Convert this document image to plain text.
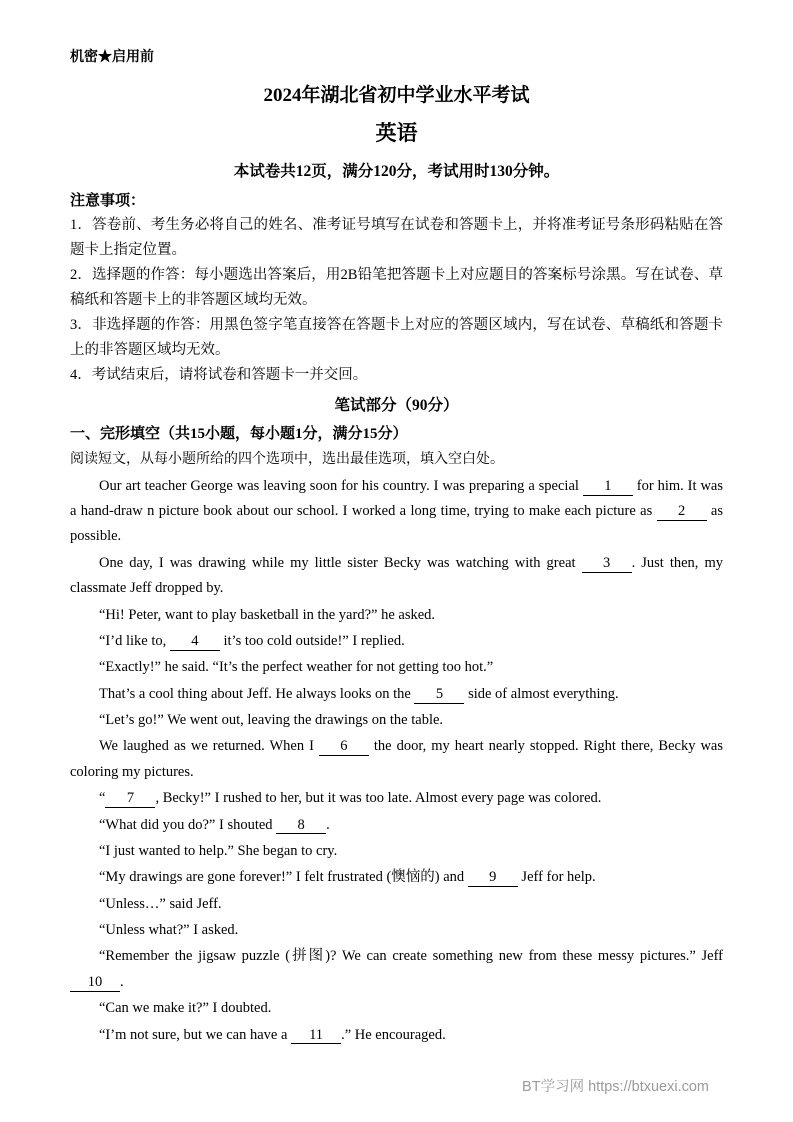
机密★启用前
2024年湖北省初中学业水平考试
英语
本试卷共12页，满分120分，考试用时130分钟。
注意事项：

1．答卷前、考生务必将自己的姓名、准考证号填写在试卷和答题卡上，并将准考证号条形码粘贴在答题卡上指定位置。

2．选择题的作答：每小题选出答案后，用2B铅笔把答题卡上对应题目的答案标号涂黑。写在试卷、草稿纸和答题卡上的非答题区域均无效。

3．非选择题的作答：用黑色签字笔直接答在答题卡上对应的答题区域内，写在试卷、草稿纸和答题卡上的非答题区域均无效。

4．考试结束后，请将试卷和答题卡一并交回。

笔试部分（90分）
一、完形填空（共15小题，每小题1分，满分15分）

阅读短文，从每小题所给的四个选项中，选出最佳选项，填入空白处。

Our art teacher George was leaving soon for his country. I was preparing a special 1 for him. It was a hand-draw n picture book about our school. I worked a long time, trying to make each picture as 2 as possible.

One day, I was drawing while my little sister Becky was watching with great 3 . Just then, my classmate Jeff dropped by.

“Hi! Peter, want to play basketball in the yard?” he asked.

“I’d like to, 4 it’s too cold outside!” I replied.

“Exactly!” he said. “It’s the perfect weather for not getting too hot.”

That’s a cool thing about Jeff. He always looks on the 5 side of almost everything.

“Let’s go!” We went out, leaving the drawings on the table.

We laughed as we returned. When I 6 the door, my heart nearly stopped. Right there, Becky was coloring my pictures.

“ 7 , Becky!” I rushed to her, but it was too late. Almost every page was colored.

“What did you do?” I shouted 8 .

“I just wanted to help.” She began to cry.

“My drawings are gone forever!” I felt frustrated (懊恼的) and 9 Jeff for help.

“Unless…” said Jeff.

“Unless what?” I asked.

“Remember the jigsaw puzzle (拼图)? We can create something new from these messy pictures.” Jeff 10 .

“Can we make it?” I doubted.

“I’m not sure, but we can have a 11 .” He encouraged.

BT学习网 https://btxuexi.com
